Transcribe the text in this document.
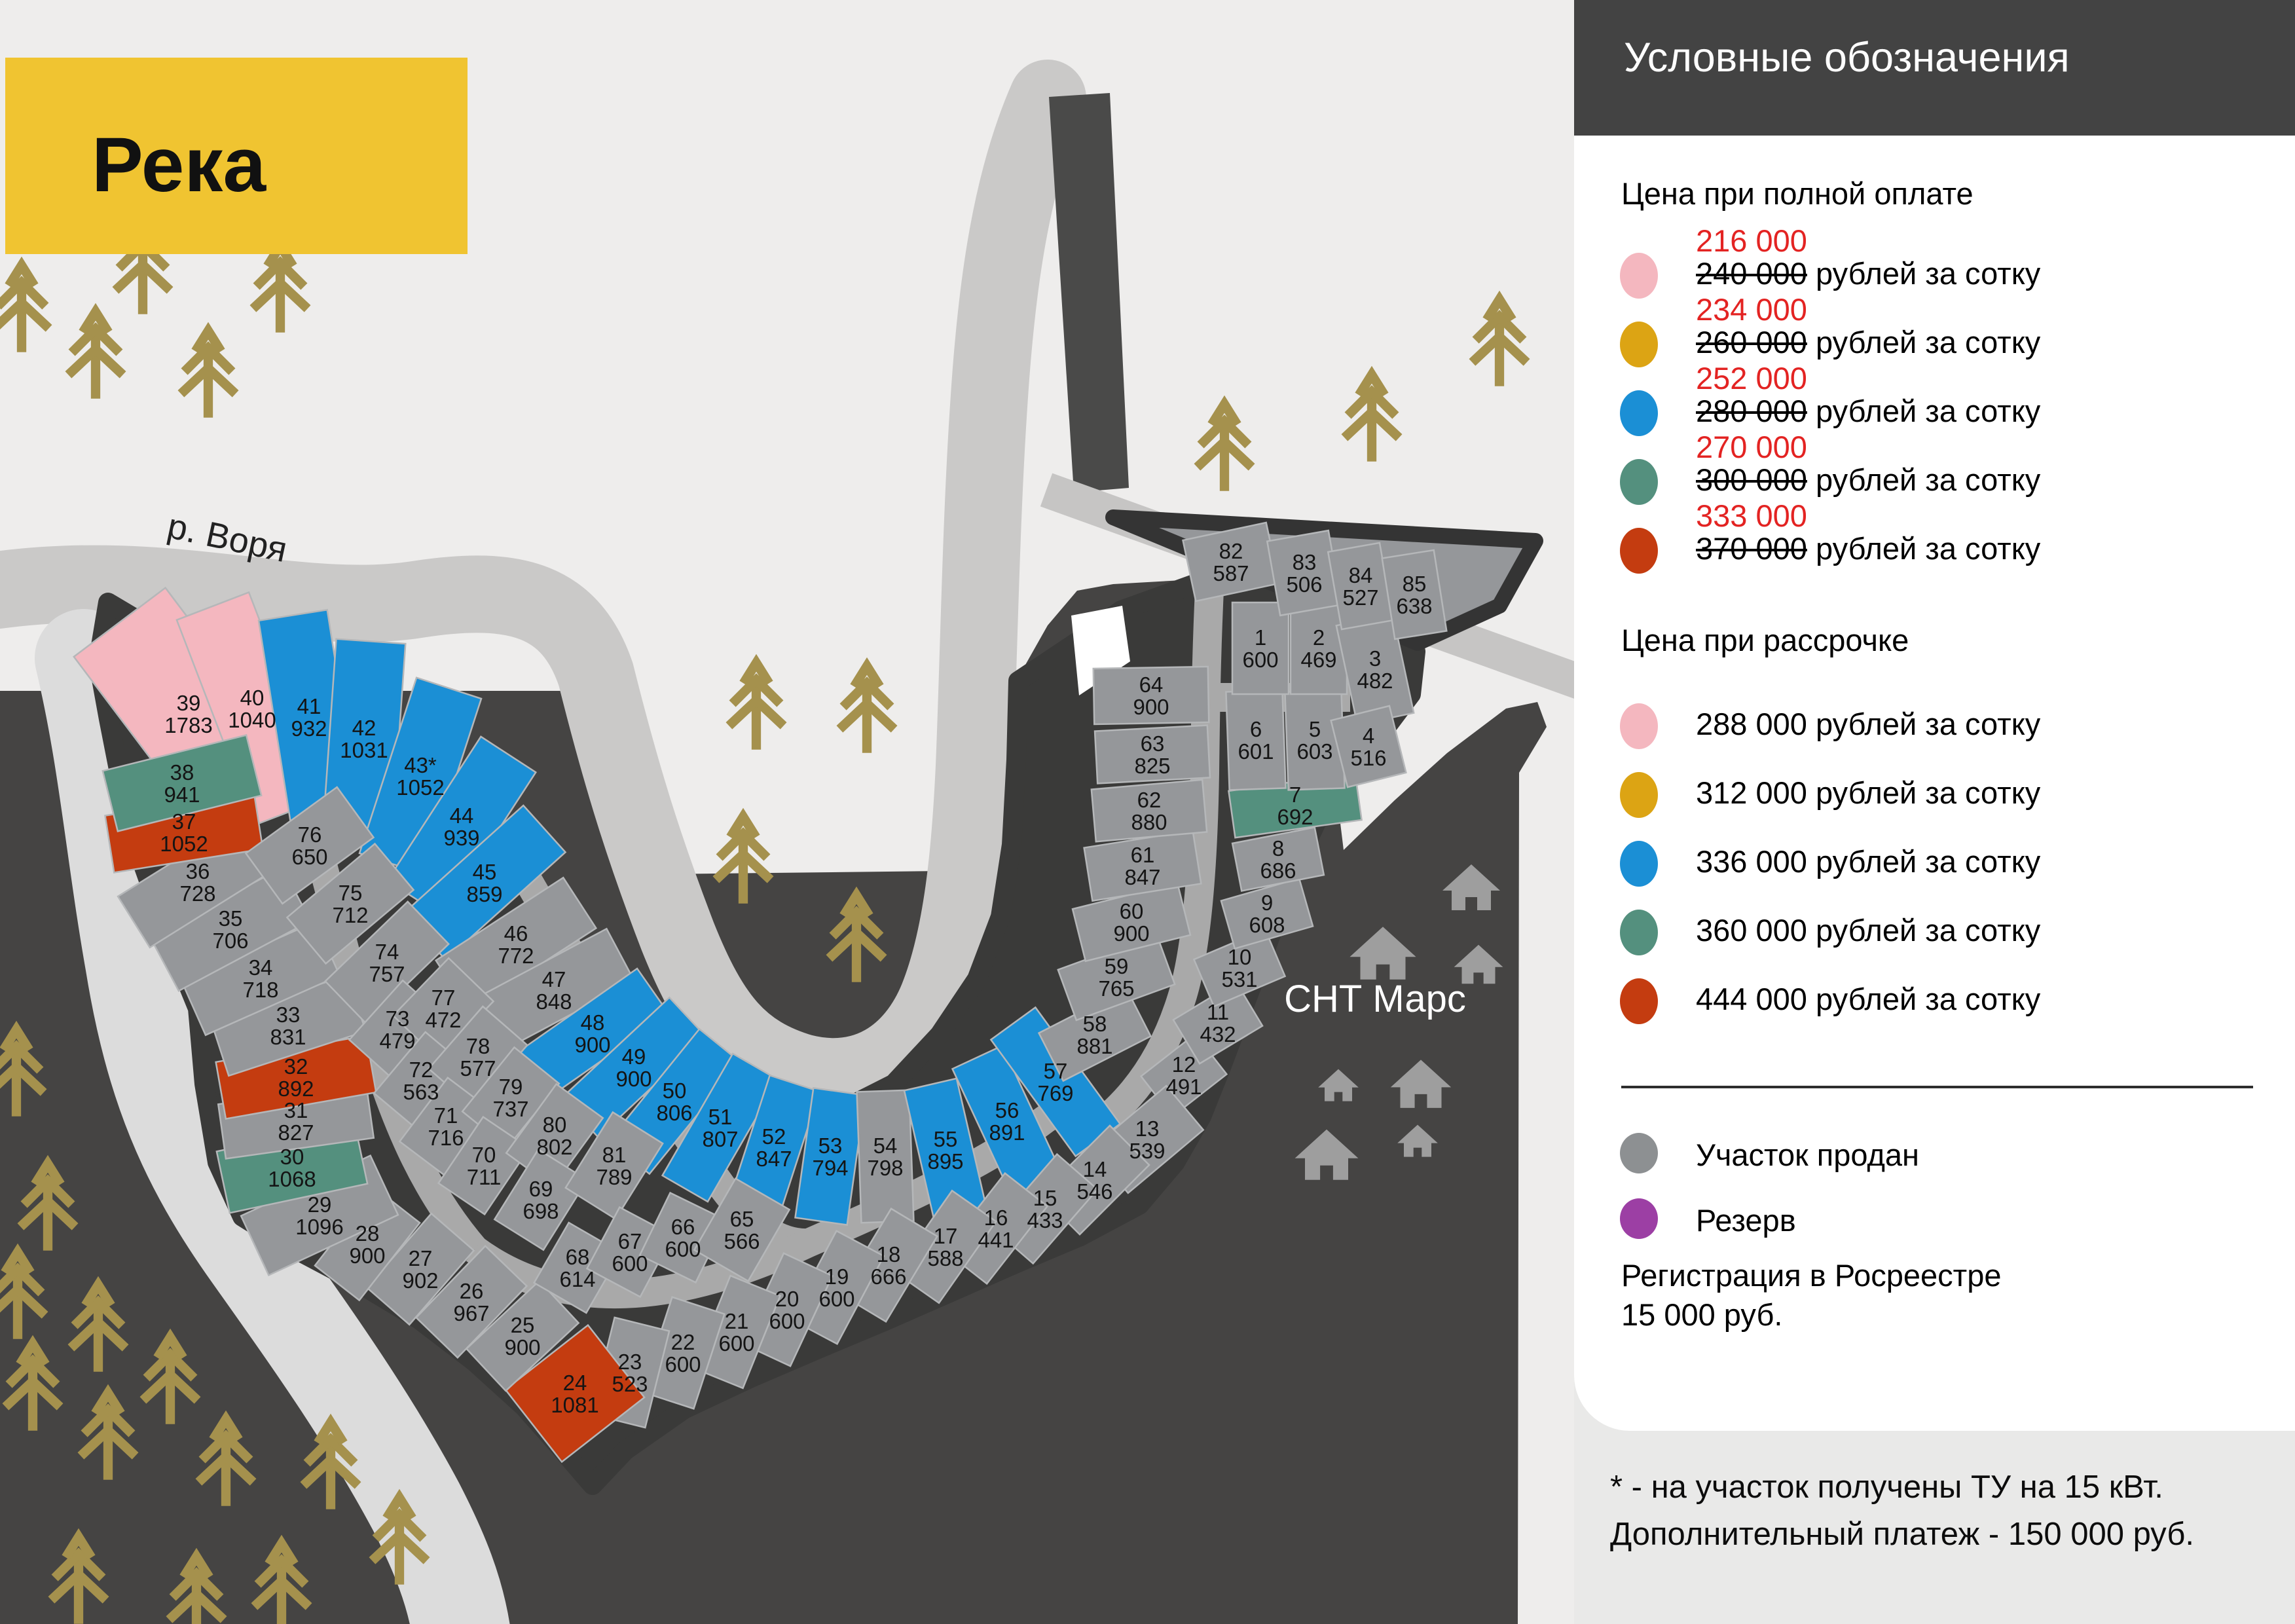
39 1783
40 1040
41 932	42 1031
43* 1052
44 939
45 859
46 772
47 848
48 900 49 900 50 806 51 807 52 847
53 794
54 798
55 895
56 891
57 769
58 881
59 765
60 900
61 847
62 880
63 825
64 900
12 491
11 432
10 531
9 608
8 686
7 692
6 601
5 603
1 600
2 469	3 482
4 516
13 539
14 546
15 433
16 441
17 588
18 666
19 600
20 600
21 600
22 600
23 523
24 1081
25 900
26 967
27 902
28 900
29 1096
30 1068
31 827
32 892
33 831
34 718
35 706
36 728
37 1052
38 941
76 650
75 712
74 757
73 479
77 472
72 563
78 577
71 716
79 737
70 711
80 802
69 698
81 789
68 614
67 600
66 600
65 566
82 587 83 506 84 527
85 638
Река
р. Воря
СНТ Марс
Условные обозначения
Цена при полной оплате
216 000
240 000 рублей за сотку
234 000
260 000 рублей за сотку
252 000
280 000 рублей за сотку
270 000
300 000 рублей за сотку
333 000
370 000 рублей за сотку
Цена при рассрочке
288 000 рублей за сотку
312 000 рублей за сотку
336 000 рублей за сотку
360 000 рублей за сотку
444 000 рублей за сотку
Участок продан
Резерв
Регистрация в Росреестре
15 000 руб.
* - на участок получены ТУ на 15 кВт.
Дополнительный платеж - 150 000 руб.
